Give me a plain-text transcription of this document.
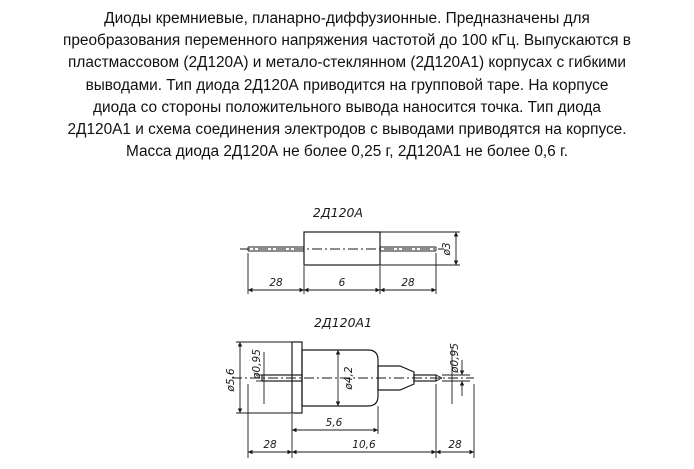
Диоды кремниевые, планарно-диффузионные. Предназначены для
преобразования переменного напряжения частотой до 100 кГц. Выпускаются в
пластмассовом (2Д120А) и метало-стеклянном (2Д120А1) корпусах с гибкими
выводами. Тип диода 2Д120А приводится на групповой таре. На корпусе
диода со стороны положительного вывода наносится точка. Тип диода
2Д120А1 и схема соединения электродов с выводами приводятся на корпусе.
Масса диода 2Д120А не более 0,25 г, 2Д120А1 не более 0,6 г.

2Д120А
28	6	28
ø3
2Д120А1
ø5,6
ø0,95	ø4,2
ø0,95
5,6
28	10,6	28
